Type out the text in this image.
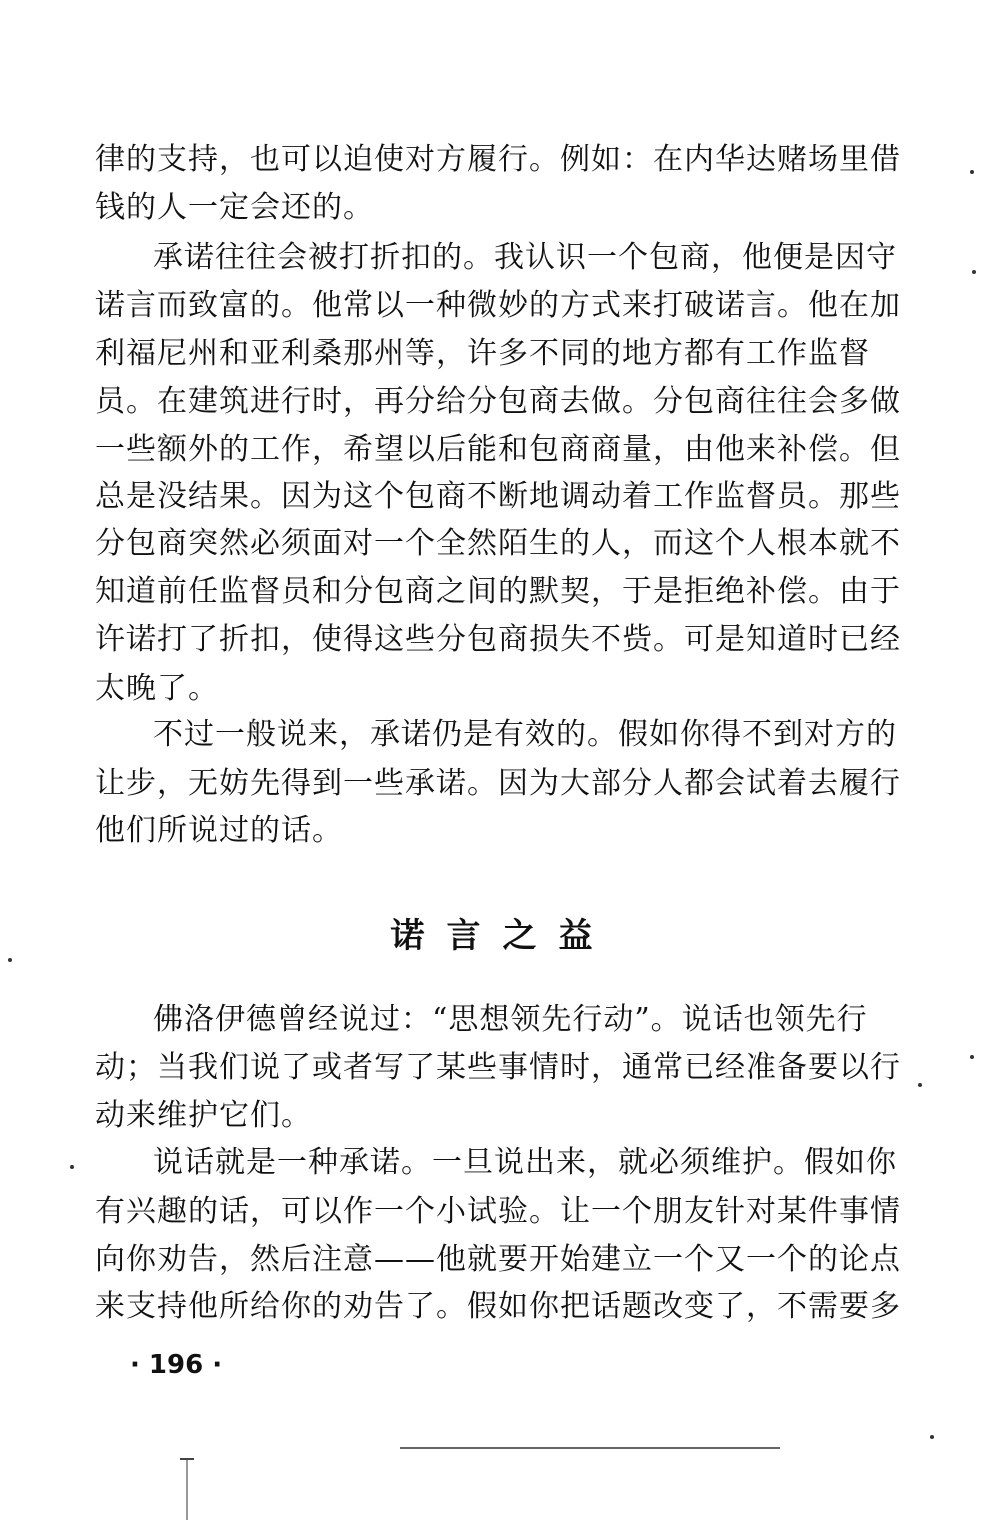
律的支持，也可以迫使对方履行。例如：在内华达赌场里借
钱的人一定会还的。
承诺往往会被打折扣的。我认识一个包商，他便是因守
诺言而致富的。他常以一种微妙的方式来打破诺言。他在加
利福尼州和亚利桑那州等，许多不同的地方都有工作监督
员。在建筑进行时，再分给分包商去做。分包商往往会多做
一些额外的工作，希望以后能和包商商量，由他来补偿。但
总是没结果。因为这个包商不断地调动着工作监督员。那些
分包商突然必须面对一个全然陌生的人，而这个人根本就不
知道前任监督员和分包商之间的默契，于是拒绝补偿。由于
许诺打了折扣，使得这些分包商损失不赀。可是知道时已经
太晚了。
不过一般说来，承诺仍是有效的。假如你得不到对方的
让步，无妨先得到一些承诺。因为大部分人都会试着去履行
他们所说过的话。
诺言之益
佛洛伊德曾经说过：“思想领先行动”。说话也领先行
动；当我们说了或者写了某些事情时，通常已经准备要以行
动来维护它们。
说话就是一种承诺。一旦说出来，就必须维护。假如你
有兴趣的话，可以作一个小试验。让一个朋友针对某件事情
向你劝告，然后注意——他就要开始建立一个又一个的论点
来支持他所给你的劝告了。假如你把话题改变了，不需要多
· 196 ·
